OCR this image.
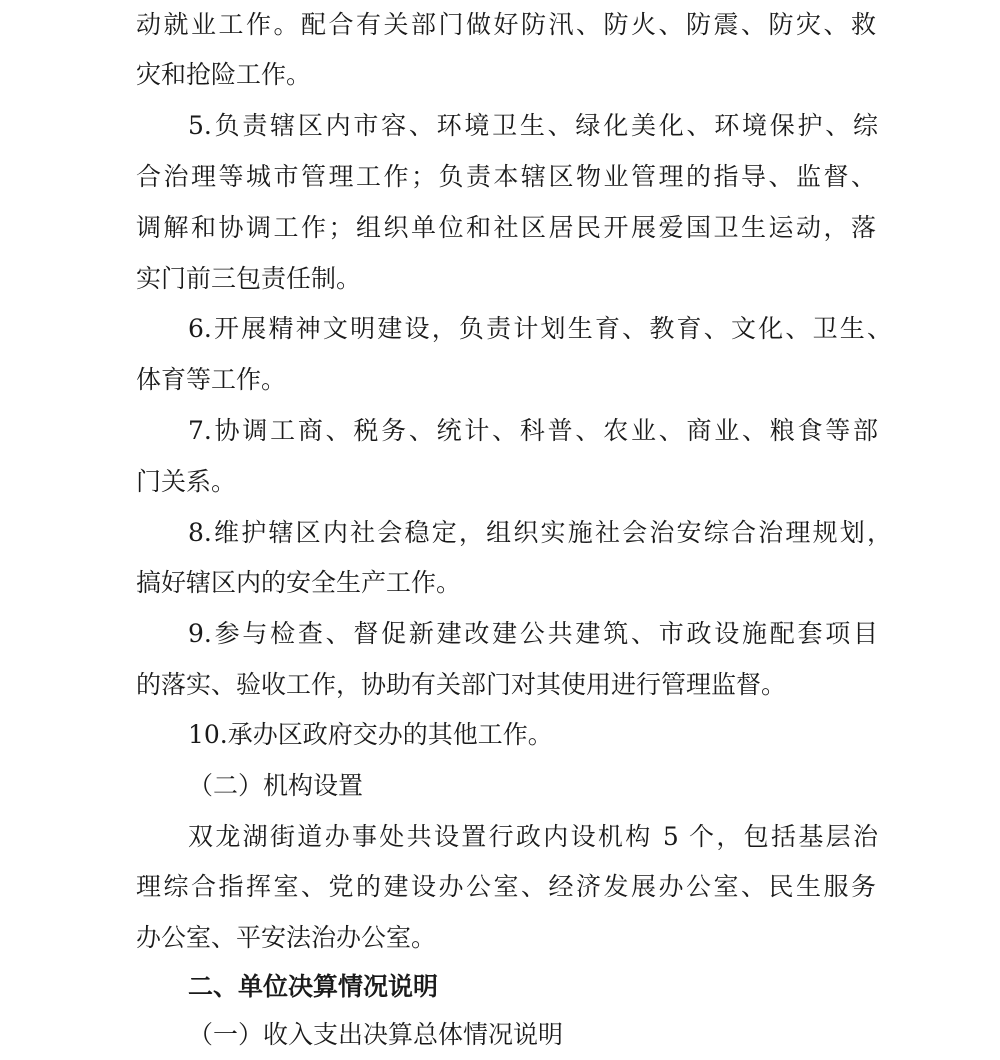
动就业工作。配合有关部门做好防汛、防火、防震、防灾、救
灾和抢险工作。
5.负责辖区内市容、环境卫生、绿化美化、环境保护、综
合治理等城市管理工作；负责本辖区物业管理的指导、监督、
调解和协调工作；组织单位和社区居民开展爱国卫生运动，落
实门前三包责任制。
6.开展精神文明建设，负责计划生育、教育、文化、卫生、
体育等工作。
7.协调工商、税务、统计、科普、农业、商业、粮食等部
门关系。
8.维护辖区内社会稳定，组织实施社会治安综合治理规划，
搞好辖区内的安全生产工作。
9.参与检查、督促新建改建公共建筑、市政设施配套项目
的落实、验收工作，协助有关部门对其使用进行管理监督。
10.承办区政府交办的其他工作。
（二）机构设置
双龙湖街道办事处共设置行政内设机构 5 个，包括基层治
理综合指挥室、党的建设办公室、经济发展办公室、民生服务
办公室、平安法治办公室。
二、单位决算情况说明
（一）收入支出决算总体情况说明
